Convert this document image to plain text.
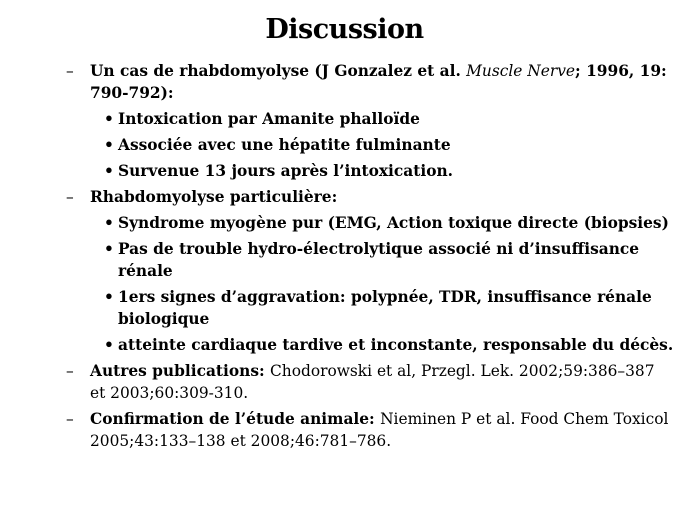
Discussion
– Un cas de rhabdomyolyse (J Gonzalez et al. Muscle Nerve; 1996, 19: 790-792):
• Intoxication par Amanite phalloïde
• Associée avec une hépatite fulminante
• Survenue 13 jours après l’intoxication.
– Rhabdomyolyse particulière:
• Syndrome myogène pur (EMG, Action toxique directe (biopsies)
• Pas de trouble hydro-électrolytique associé ni d’insuffisance rénale
• 1ers signes d’aggravation: polypnée, TDR, insuffisance rénale biologique
• atteinte cardiaque tardive et inconstante, responsable du décès.
– Autres publications: Chodorowski et al, Przegl. Lek. 2002;59:386–387 et 2003;60:309-310.
– Confirmation de l’étude animale: Nieminen P et al. Food Chem Toxicol 2005;43:133–138 et 2008;46:781–786.
